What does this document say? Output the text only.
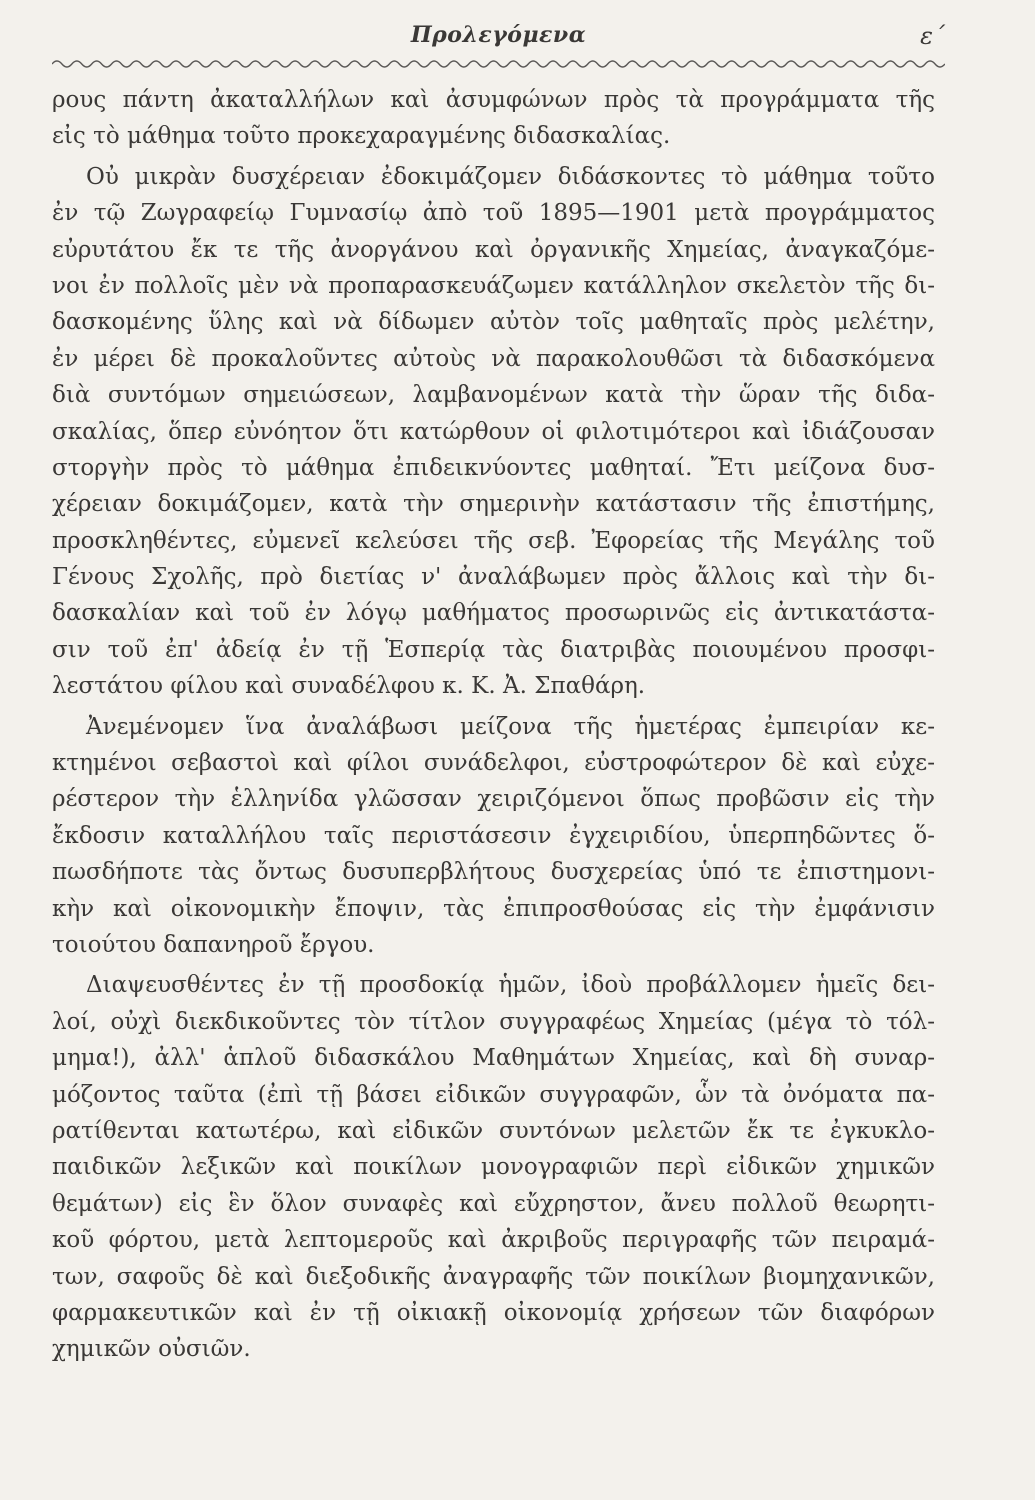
Προλεγόμενα	ε΄
ρους πάντη ἀκαταλλήλων καὶ ἀσυμφώνων πρὸς τὰ προγράμματα τῆς
εἰς τὸ μάθημα τοῦτο προκεχαραγμένης διδασκαλίας.
Οὐ μικρὰν δυσχέρειαν ἐδοκιμάζομεν διδάσκοντες τὸ μάθημα τοῦτο
ἐν τῷ Ζωγραφείῳ Γυμνασίῳ ἀπὸ τοῦ 1895—1901 μετὰ προγράμματος
εὐρυτάτου ἔκ τε τῆς ἀνοργάνου καὶ ὀργανικῆς Χημείας, ἀναγκαζόμε-
νοι ἐν πολλοῖς μὲν νὰ προπαρασκευάζωμεν κατάλληλον σκελετὸν τῆς δι-
δασκομένης ὕλης καὶ νὰ δίδωμεν αὐτὸν τοῖς μαθηταῖς πρὸς μελέτην,
ἐν μέρει δὲ προκαλοῦντες αὐτοὺς νὰ παρακολουθῶσι τὰ διδασκόμενα
διὰ συντόμων σημειώσεων, λαμβανομένων κατὰ τὴν ὥραν τῆς διδα-
σκαλίας, ὅπερ εὐνόητον ὅτι κατώρθουν οἱ φιλοτιμότεροι καὶ ἰδιάζουσαν
στοργὴν πρὸς τὸ μάθημα ἐπιδεικνύοντες μαθηταί. Ἔτι μείζονα δυσ-
χέρειαν δοκιμάζομεν, κατὰ τὴν σημερινὴν κατάστασιν τῆς ἐπιστήμης,
προσκληθέντες, εὐμενεῖ κελεύσει τῆς σεβ. Ἐφορείας τῆς Μεγάλης τοῦ
Γένους Σχολῆς, πρὸ διετίας ν' ἀναλάβωμεν πρὸς ἄλλοις καὶ τὴν δι-
δασκαλίαν καὶ τοῦ ἐν λόγῳ μαθήματος προσωρινῶς εἰς ἀντικατάστα-
σιν τοῦ ἐπ' ἀδείᾳ ἐν τῇ Ἑσπερίᾳ τὰς διατριβὰς ποιουμένου προσφι-
λεστάτου φίλου καὶ συναδέλφου κ. Κ. Ἀ. Σπαθάρη.
Ἀνεμένομεν ἵνα ἀναλάβωσι μείζονα τῆς ἡμετέρας ἐμπειρίαν κε-
κτημένοι σεβαστοὶ καὶ φίλοι συνάδελφοι, εὐστροφώτερον δὲ καὶ εὐχε-
ρέστερον τὴν ἑλληνίδα γλῶσσαν χειριζόμενοι ὅπως προβῶσιν εἰς τὴν
ἔκδοσιν καταλλήλου ταῖς περιστάσεσιν ἐγχειριδίου, ὑπερπηδῶντες ὅ-
πωσδήποτε τὰς ὄντως δυσυπερβλήτους δυσχερείας ὑπό τε ἐπιστημονι-
κὴν καὶ οἰκονομικὴν ἔποψιν, τὰς ἐπιπροσθούσας εἰς τὴν ἐμφάνισιν
τοιούτου δαπανηροῦ ἔργου.
Διαψευσθέντες ἐν τῇ προσδοκίᾳ ἡμῶν, ἰδοὺ προβάλλομεν ἡμεῖς δει-
λοί, οὐχὶ διεκδικοῦντες τὸν τίτλον συγγραφέως Χημείας (μέγα τὸ τόλ-
μημα!), ἀλλ' ἁπλοῦ διδασκάλου Μαθημάτων Χημείας, καὶ δὴ συναρ-
μόζοντος ταῦτα (ἐπὶ τῇ βάσει εἰδικῶν συγγραφῶν, ὧν τὰ ὀνόματα πα-
ρατίθενται κατωτέρω, καὶ εἰδικῶν συντόνων μελετῶν ἔκ τε ἐγκυκλο-
παιδικῶν λεξικῶν καὶ ποικίλων μονογραφιῶν περὶ εἰδικῶν χημικῶν
θεμάτων) εἰς ἓν ὅλον συναφὲς καὶ εὔχρηστον, ἄνευ πολλοῦ θεωρητι-
κοῦ φόρτου, μετὰ λεπτομεροῦς καὶ ἀκριβοῦς περιγραφῆς τῶν πειραμά-
των, σαφοῦς δὲ καὶ διεξοδικῆς ἀναγραφῆς τῶν ποικίλων βιομηχανικῶν,
φαρμακευτικῶν καὶ ἐν τῇ οἰκιακῇ οἰκονομίᾳ χρήσεων τῶν διαφόρων
χημικῶν οὐσιῶν.
